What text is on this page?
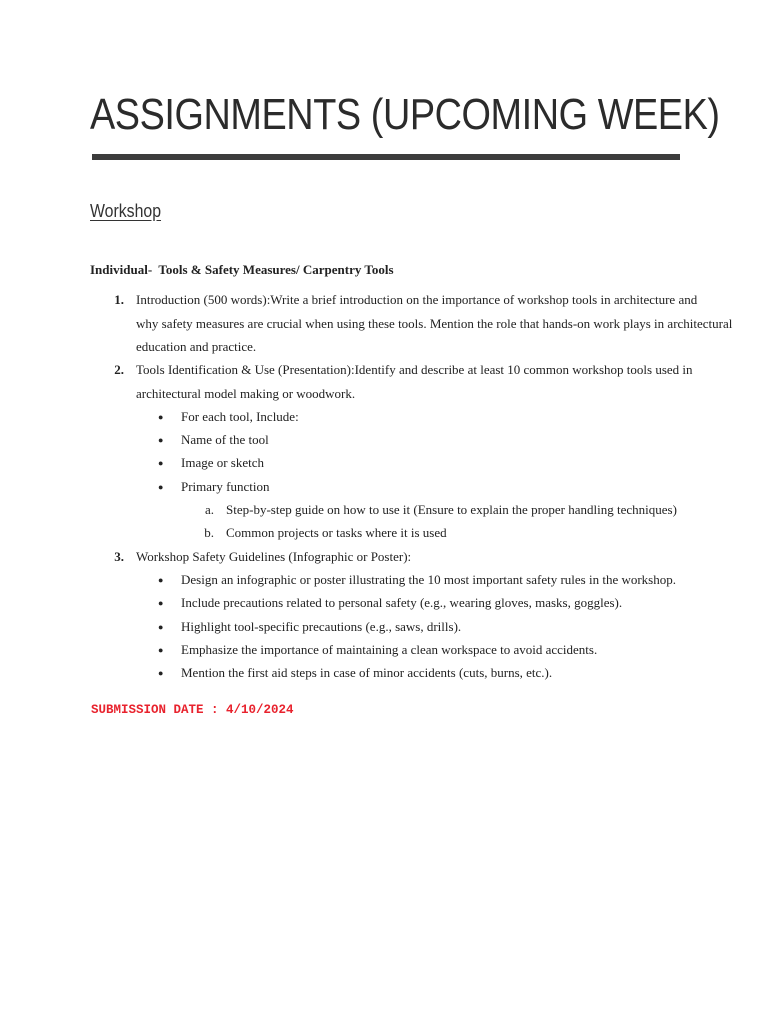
ASSIGNMENTS (UPCOMING WEEK)
Workshop
Individual-  Tools & Safety Measures/ Carpentry Tools
1. Introduction (500 words):Write a brief introduction on the importance of workshop tools in architecture and
why safety measures are crucial when using these tools. Mention the role that hands-on work plays in architectural
education and practice.
2. Tools Identification & Use (Presentation):Identify and describe at least 10 common workshop tools used in
architectural model making or woodwork.
● For each tool, Include:
● Name of the tool
● Image or sketch
● Primary function
a. Step-by-step guide on how to use it (Ensure to explain the proper handling techniques)
b. Common projects or tasks where it is used
3. Workshop Safety Guidelines (Infographic or Poster):
● Design an infographic or poster illustrating the 10 most important safety rules in the workshop.
● Include precautions related to personal safety (e.g., wearing gloves, masks, goggles).
● Highlight tool-specific precautions (e.g., saws, drills).
● Emphasize the importance of maintaining a clean workspace to avoid accidents.
● Mention the first aid steps in case of minor accidents (cuts, burns, etc.).
SUBMISSION DATE : 4/10/2024
